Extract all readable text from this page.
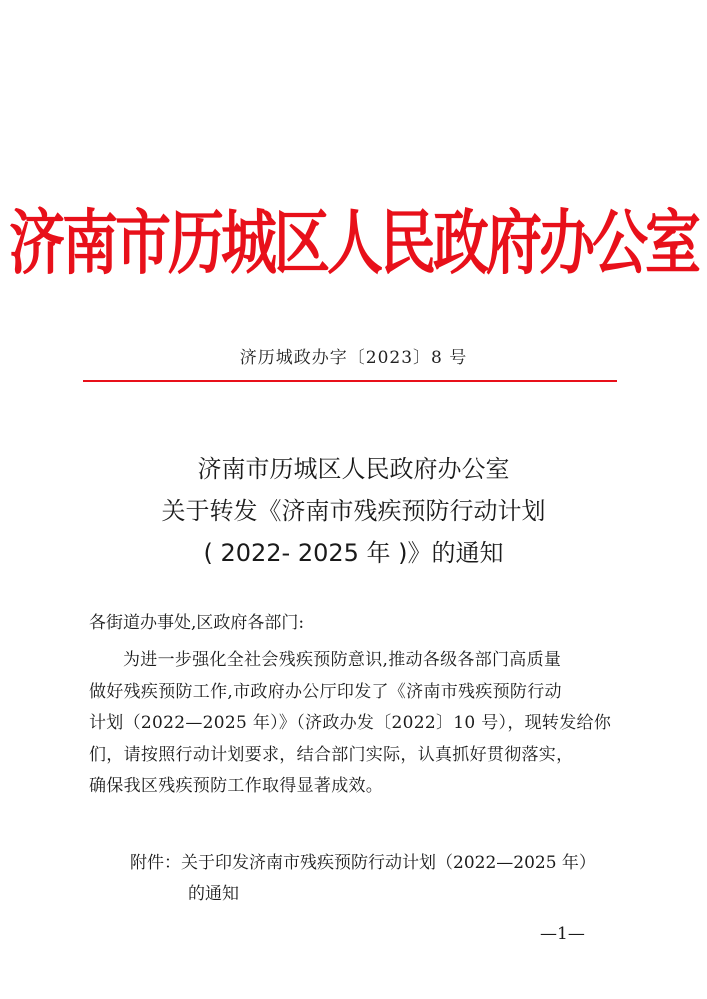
济南市历城区人民政府办公室
济历城政办字〔2023〕8 号
济南市历城区人民政府办公室
关于转发《济南市残疾预防行动计划
( 2022- 2025 年 )》的通知
各街道办事处,区政府各部门:
为进一步强化全社会残疾预防意识,推动各级各部门高质量
做好残疾预防工作,市政府办公厅印发了《济南市残疾预防行动
计划（2022—2025 年）》（济政办发〔2022〕10 号），现转发给你
们，请按照行动计划要求，结合部门实际，认真抓好贯彻落实，
确保我区残疾预防工作取得显著成效。
附件：关于印发济南市残疾预防行动计划（2022—2025 年）
的通知
—1—
